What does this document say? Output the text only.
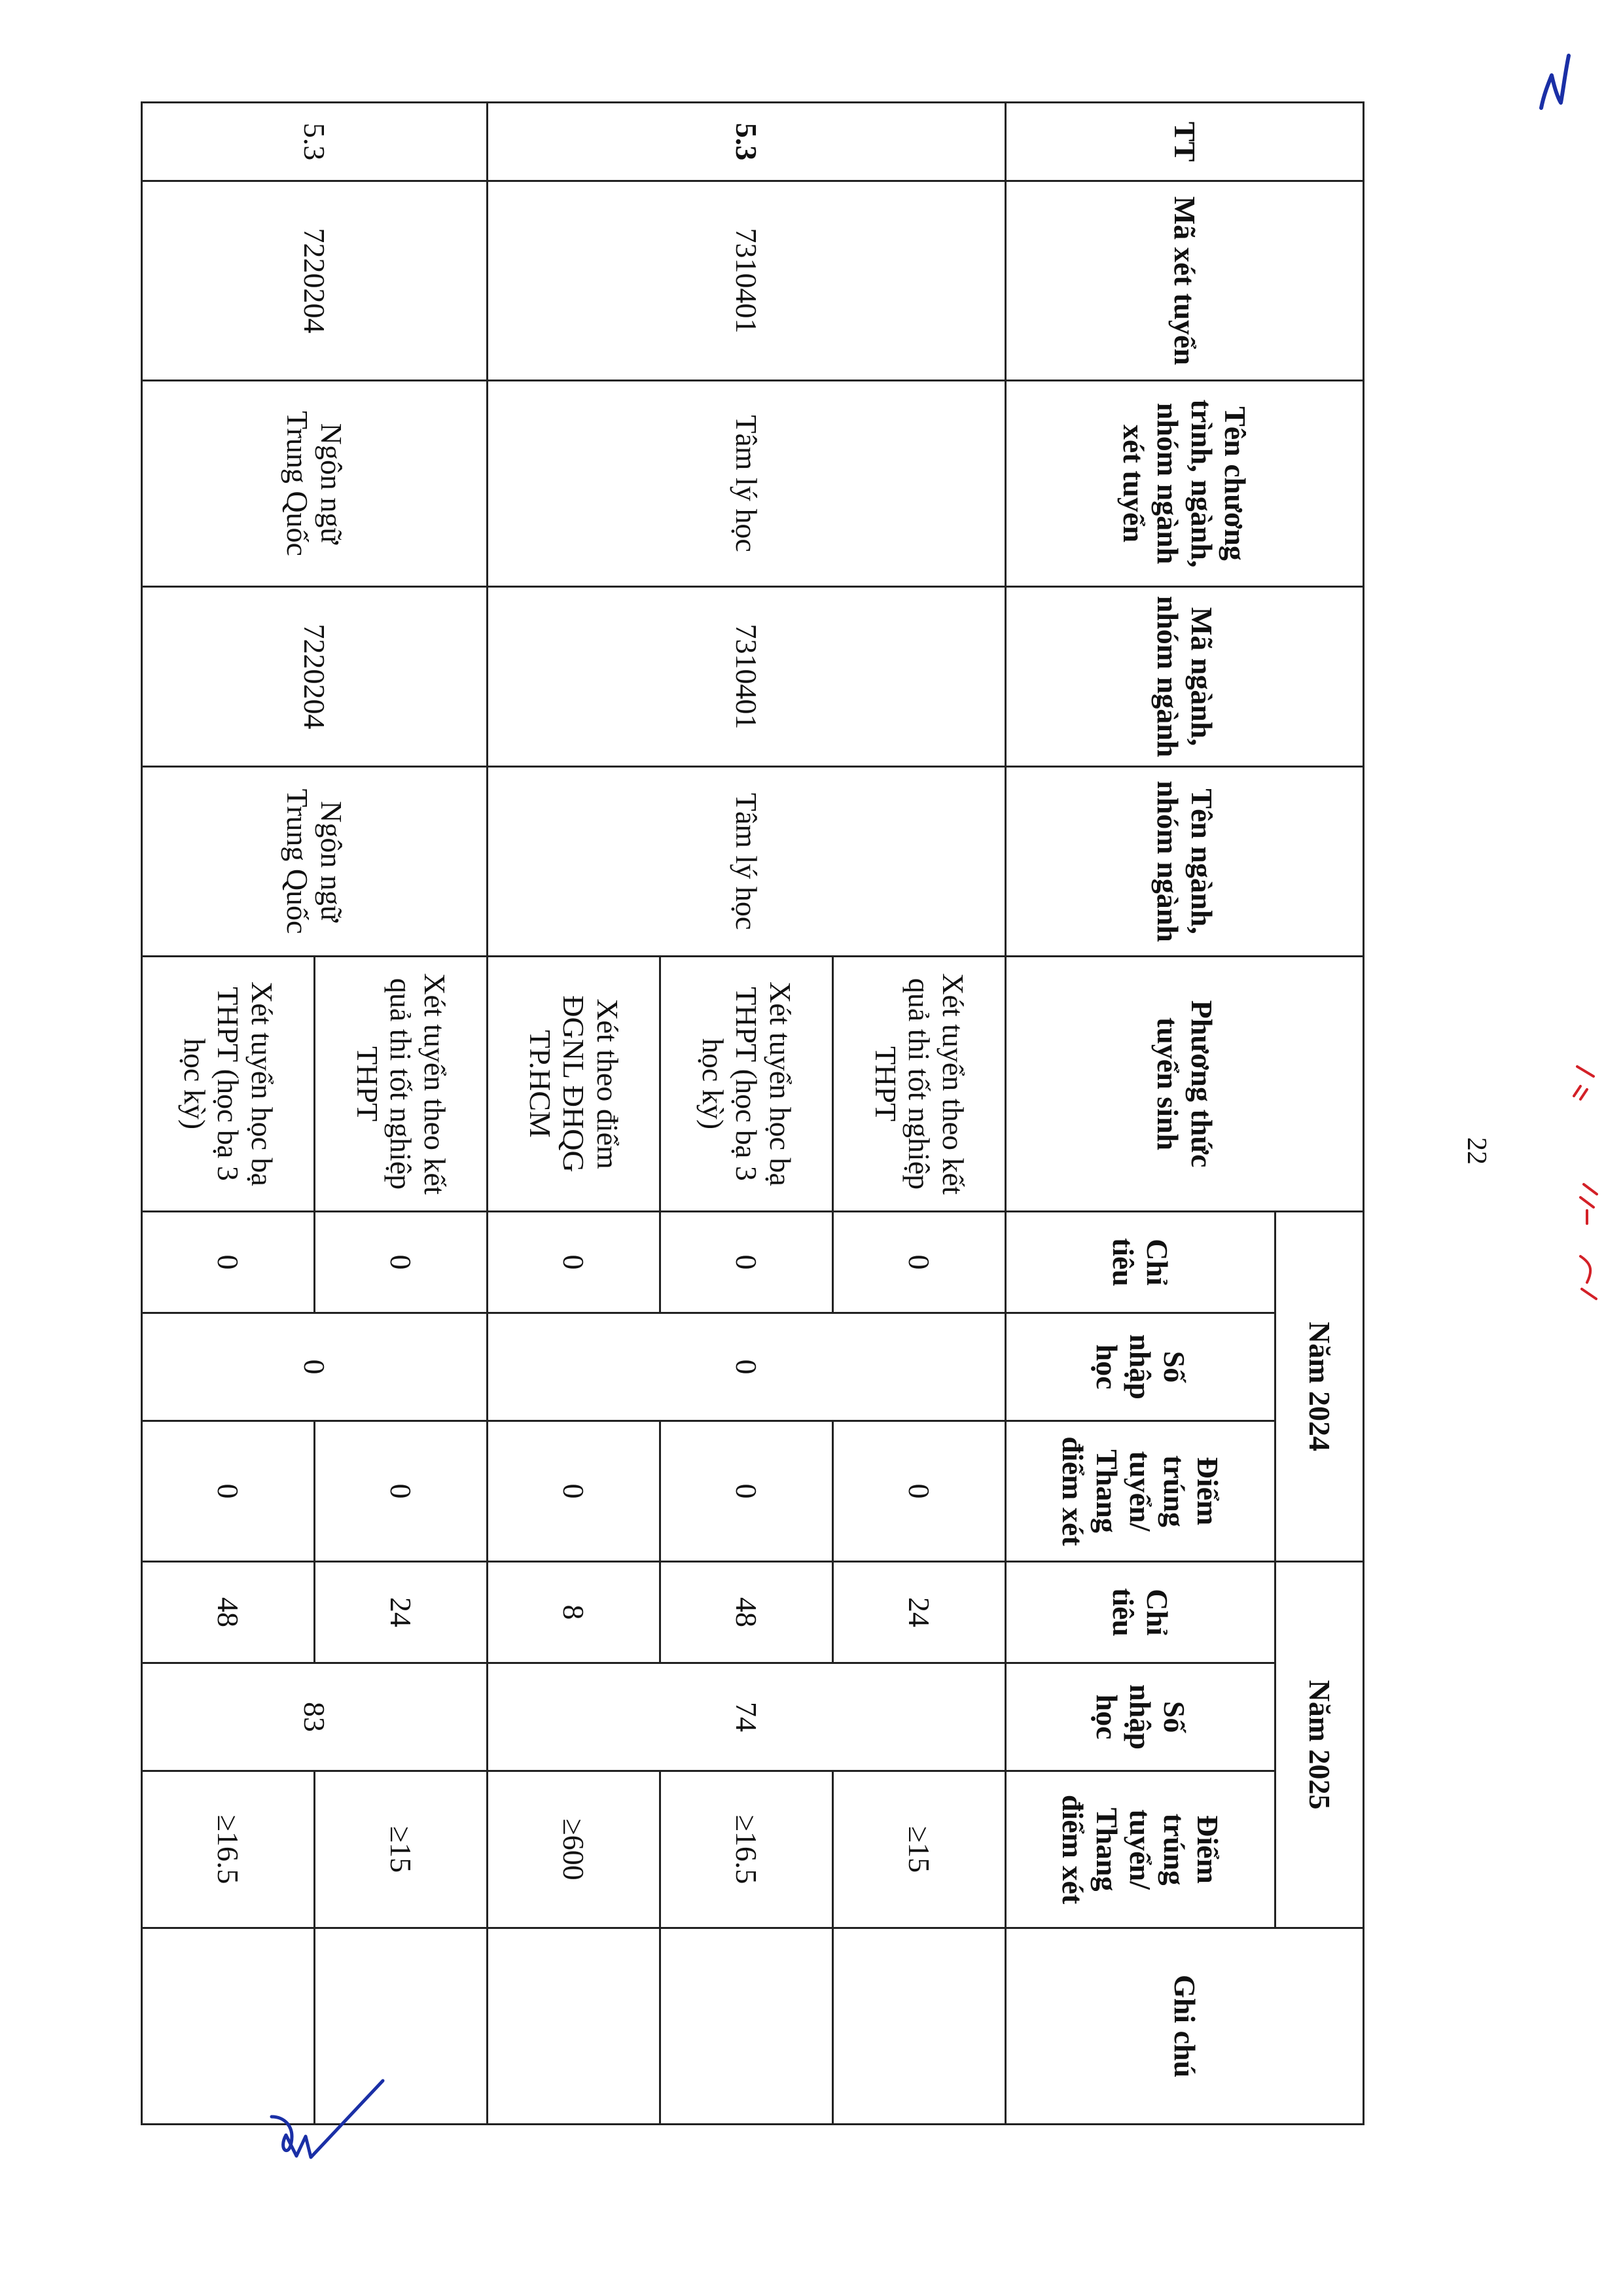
TT	Mã xét tuyển	Tên chương trình, ngành, nhóm ngành xét tuyển	Mã ngành, nhóm ngành	Tên ngành, nhóm ngành	Phương thức tuyển sinh	Năm 2024			Năm 2025			Ghi chú
						Chỉ tiêu	Số nhập học	Điểm trúng tuyển/ Thang điểm xét	Chỉ tiêu	Số nhập học	Điểm trúng tuyển/ Thang điểm xét	
5.3	7310401	Tâm lý học	7310401	Tâm lý học	Xét tuyển theo kết quả thi tốt nghiệp THPT	0	0	0	24	74	≥15	
					Xét tuyển học bạ THPT (học bạ 3 học kỳ)	0		0	48		≥16.5	
					Xét theo điểm ĐGNL ĐHQG TP.HCM	0		0	8		≥600	
5.3	7220204	Ngôn ngữ Trung Quốc	7220204	Ngôn ngữ Trung Quốc	Xét tuyển theo kết quả thi tốt nghiệp THPT	0	0	0	24	83	≥15	
					Xét tuyển học bạ THPT (học bạ 3 học kỳ)	0		0	48		≥16.5	
22
